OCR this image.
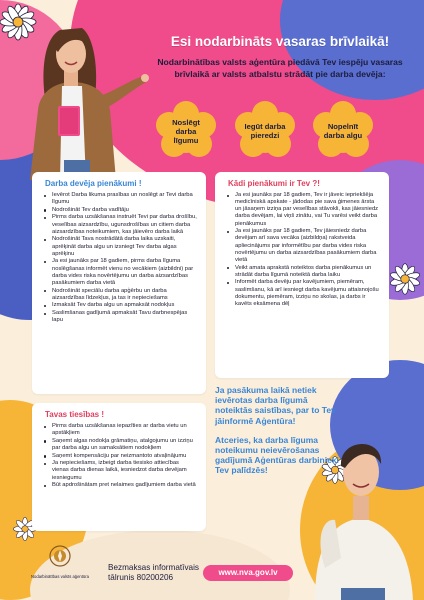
Esi nodarbināts vasaras brīvlaikā!
Nodarbinātības valsts aģentūra piedāvā Tev iespēju vasaras brīvlaikā ar valsts atbalstu strādāt pie darba devēja:
Noslēgt darba līgumu
Iegūt darba pieredzi
Nopelnīt darba algu
Darba devēja pienākumi !
Ievērot Darba likuma prasības un noslēgt ar Tevi darba līgumu
Nodrošināt Tev darba vadītāju
Pirms darba uzsākšanas instruēt Tevi par darba drošību, veselības aizsardzību, ugunsdrošības un citiem darba aizsardzības noteikumiem, kas jāievēro darba laikā
Nodrošināt Tava nostrādātā darba laika uzskaiti, aprēķināt darba algu un izsniegt Tev darba algas aprēķinu
Ja esi jaunāks par 18 gadiem, pirms darba līguma noslēgšanas informēt vienu no vecākiem (aizbildni) par darba vides riska novērtējumu un darba aizsardzības pasākumiem darba vietā
Nodrošināt speciālu darba apģērbu un darba aizsardzības līdzekļus, ja tas ir nepieciešams
Izmaksāt Tev darba algu un apmaksāt nodokļus
Saslimšanas gadījumā apmaksāt Tavu darbnespējas lapu
Kādi pienākumi ir Tev ?!
Ja esi jaunāks par 18 gadiem, Tev ir jāveic iepriekšēja medicīniskā apskate - jādodas pie sava ģimenes ārsta un jāsaņem izziņa par veselības stāvokli, kas jāiesniedz darba devējam, lai viņš zinātu, vai Tu varēsi veikt darba pienākumus
Ja esi jaunāks par 18 gadiem, Tev jāiesniedz darba devējam arī sava vecāka (aizbildņa) rakstveida apliecinājums par informētību par darba vides riska novērtējumu un darba aizsardzības pasākumiem darba vietā
Veikt amata aprakstā noteiktos darba pienākumus un strādāt darba līgumā noteiktā darba laiku
Informēt darba devēju par kavējumiem, piemēram, saslimšanu, kā arī iesniegt darba kavējumu attaisnojošu dokumentu, piemēram, izziņu no skolas, ja darbs ir kavēts eksāmena dēļ
Tavas tiesības !
Pirms darba uzsākšanas iepazīties ar darba vietu un apstākļiem
Saņemt algas nodokļa grāmatiņu, atalgojumu un izziņu par darba algu un samaksātiem nodokļiem
Saņemt kompensāciju par neizmantoto atvaļinājumu
Ja nepieciešams, izbeigt darba tiesisko attiecības vienas darba dienas laikā, iesniedzot darba devējam iesniegumu
Būt apdrošinātam pret nelaimes gadījumiem darba vietā
Ja pasākuma laikā netiek ievērotas darba līgumā noteiktās saistības, par to Tev jāinformē Aģentūra!
Atceries, ka darba līguma noteikumu neievērošanas gadījumā Aģentūras darbinieki Tev palīdzēs!
Nodarbinātības valsts aģentūra
Bezmaksas informatīvais
tālrunis 80200206
www.nva.gov.lv
